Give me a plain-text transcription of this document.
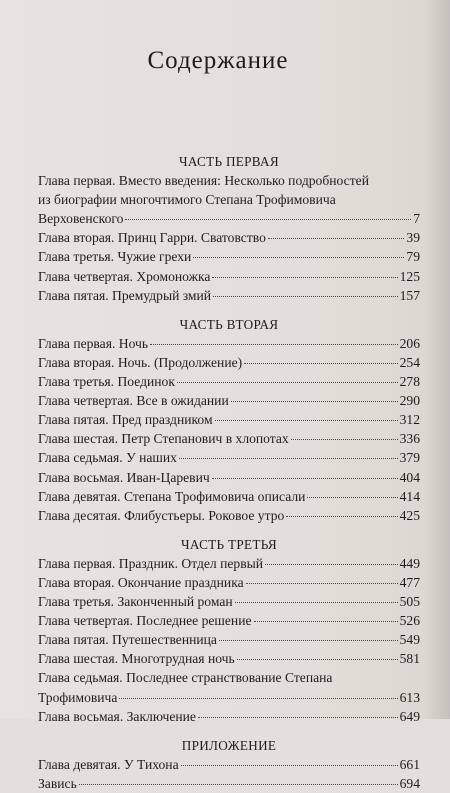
Содержание
ЧАСТЬ ПЕРВАЯ
Глава первая. Вместо введения: Несколько подробностей
из биографии многочтимого Степана Трофимовича
Верховенского	7
Глава вторая. Принц Гарри. Сватовство	39
Глава третья. Чужие грехи	79
Глава четвертая. Хромоножка	125
Глава пятая. Премудрый змий	157
ЧАСТЬ ВТОРАЯ
Глава первая. Ночь	206
Глава вторая. Ночь. (Продолжение)	254
Глава третья. Поединок	278
Глава четвертая. Все в ожидании	290
Глава пятая. Пред праздником	312
Глава шестая. Петр Степанович в хлопотах	336
Глава седьмая. У наших	379
Глава восьмая. Иван-Царевич	404
Глава девятая. Степана Трофимовича описали	414
Глава десятая. Флибустьеры. Роковое утро	425
ЧАСТЬ ТРЕТЬЯ
Глава первая. Праздник. Отдел первый	449
Глава вторая. Окончание праздника	477
Глава третья. Законченный роман	505
Глава четвертая. Последнее решение	526
Глава пятая. Путешественница	549
Глава шестая. Многотрудная ночь	581
Глава седьмая. Последнее странствование Степана
Трофимовича	613
Глава восьмая. Заключение	649
ПРИЛОЖЕНИЕ
Глава девятая. У Тихона	661
Завись	694
